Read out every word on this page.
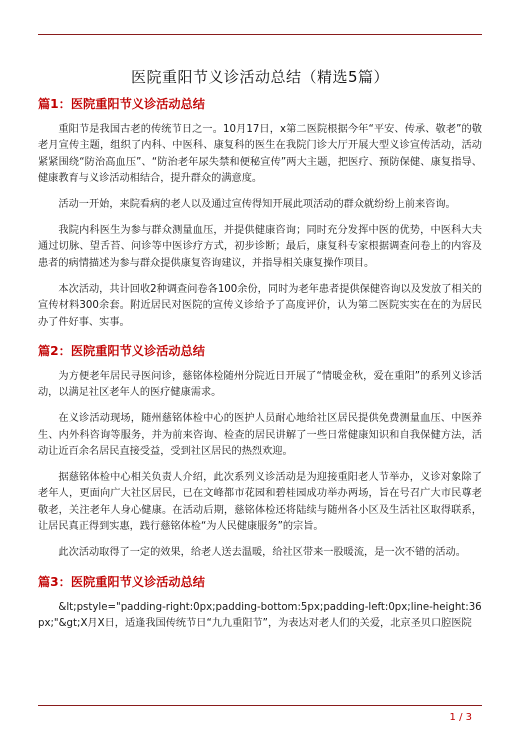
医院重阳节义诊活动总结（精选5篇）
篇1：医院重阳节义诊活动总结

重阳节是我国古老的传统节日之一。10月17日，x第二医院根据今年“平安、传承、敬老”的敬老月宣传主题，组织了内科、中医科、康复科的医生在我院门诊大厅开展大型义诊宣传活动，活动紧紧围绕“防治高血压”、“防治老年尿失禁和便秘宣传”两大主题，把医疗、预防保健、康复指导、健康教育与义诊活动相结合，提升群众的满意度。

活动一开始，来院看病的老人以及通过宣传得知开展此项活动的群众就纷纷上前来咨询。

我院内科医生为参与群众测量血压，并提供健康咨询；同时充分发挥中医的优势，中医科大夫通过切脉、望舌苔、问诊等中医诊疗方式，初步诊断；最后，康复科专家根据调查问卷上的内容及患者的病情描述为参与群众提供康复咨询建议，并指导相关康复操作项目。

本次活动，共计回收2种调查问卷各100余份，同时为老年患者提供保健咨询以及发放了相关的宣传材料300余套。附近居民对医院的宣传义诊给予了高度评价，认为第二医院实实在在的为居民办了件好事、实事。

篇2：医院重阳节义诊活动总结

为方便老年居民寻医问诊，慈铭体检随州分院近日开展了“情暖金秋，爱在重阳”的系列义诊活动，以满足社区老年人的医疗健康需求。

在义诊活动现场，随州慈铭体检中心的医护人员耐心地给社区居民提供免费测量血压、中医养生、内外科咨询等服务，并为前来咨询、检查的居民讲解了一些日常健康知识和自我保健方法，活动让近百余名居民直接受益，受到社区居民的热烈欢迎。

据慈铭体检中心相关负责人介绍，此次系列义诊活动是为迎接重阳老人节举办，义诊对象除了老年人，更面向广大社区居民，已在文峰都市花园和碧桂园成功举办两场，旨在号召广大市民尊老敬老，关注老年人身心健康。在活动后期，慈铭体检还将陆续与随州各小区及生活社区取得联系，让居民真正得到实惠，践行慈铭体检“为人民健康服务”的宗旨。

此次活动取得了一定的效果，给老人送去温暖，给社区带来一股暖流，是一次不错的活动。

篇3：医院重阳节义诊活动总结

&lt;pstyle="padding-right:0px;padding-bottom:5px;padding-left:0px;line-height:36px;"&gt;X月X日，适逢我国传统节日“九九重阳节”，为表达对老人们的关爱，北京圣贝口腔医院

1 / 3
